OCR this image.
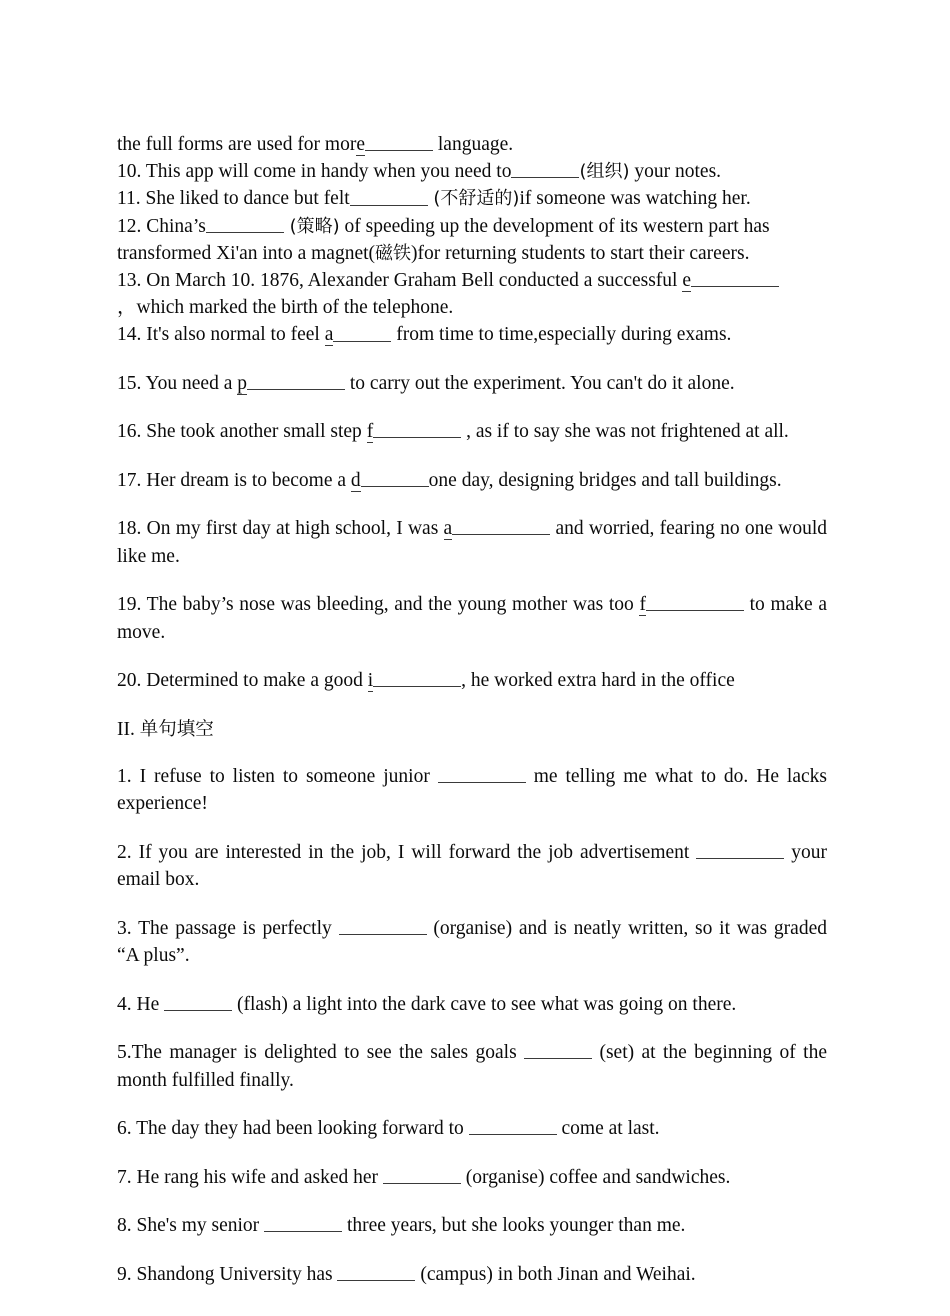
the full forms are used for more	language.

10. This app will come in handy when you need to	(组织) your notes.

11. She liked to dance but felt	(不舒适的)if someone was watching her.

12. China’s	(策略) of speeding up the development of its western part has transformed Xi'an into a magnet(磁铁)for returning students to start their careers.

13. On March 10. 1876, Alexander Graham Bell conducted a successful e
，which marked the birth of the telephone.

14. It's also normal to feel a	from time to time,especially during exams.

15. You need a p	to carry out the experiment. You can't do it alone.

16. She took another small step f	, as if to say she was not frightened at all.

17. Her dream is to become a d	one day, designing bridges and tall buildings.

18. On my first day at high school, I was a	and worried, fearing no one would like me.

19. The baby’s nose was bleeding, and the young mother was too f	to make a move.

20. Determined to make a good i	, he worked extra hard in the office

II. 单句填空

1. I refuse to listen to someone junior	me telling me what to do. He lacks experience!

2. If you are interested in the job, I will forward the job advertisement	your email box.

3. The passage is perfectly	(organise) and is neatly written, so it was graded “A plus”.

4. He	(flash) a light into the dark cave to see what was going on there.

5.The manager is delighted to see the sales goals	(set) at the beginning of the month fulfilled finally.

6. The day they had been looking forward to	come at last.

7. He rang his wife and asked her	(organise) coffee and sandwiches.

8. She's my senior	three years, but she looks younger than me.

9. Shandong University has	(campus) in both Jinan and Weihai.
